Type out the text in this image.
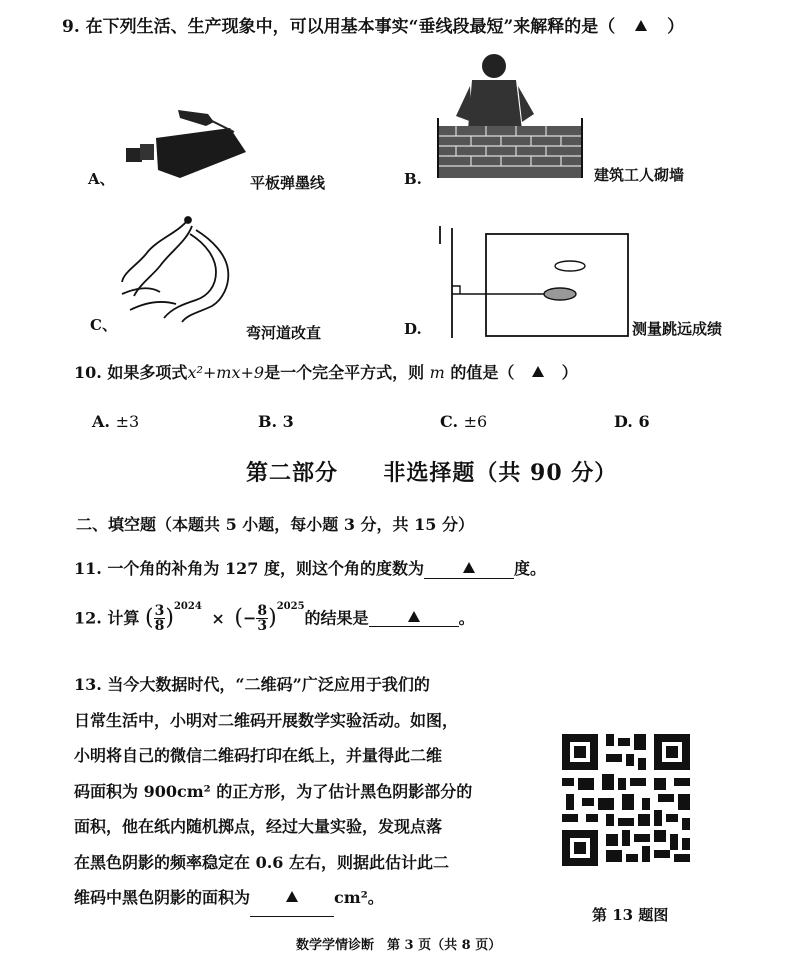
9. 在下列生活、生产现象中，可以用基本事实“垂线段最短”来解释的是（	）
A、	平板弹墨线	B.	建筑工人砌墙
C、	弯河道改直	D.	测量跳远成绩
10. 如果多项式x²+mx+9是一个完全平方式，则 m 的值是（	）
A. ±3	B. 3	C. ±6	D. 6
第二部分 非选择题（共 90 分）
二、填空题（本题共 5 小题，每小题 3 分，共 15 分）
11. 一个角的补角为 127 度，则这个角的度数为	度。
12. 计算 ( $\frac{3}{8} )^{2024}$ × (− $\frac{8}{3} )^{2025}$的结果是	。
13. 当今大数据时代，“二维码”广泛应用于我们的
日常生活中，小明对二维码开展数学实验活动。如图，
小明将自己的微信二维码打印在纸上，并量得此二维
码面积为 900cm² 的正方形，为了估计黑色阴影部分的
面积，他在纸内随机掷点，经过大量实验，发现点落
在黑色阴影的频率稳定在 0.6 左右，则据此估计此二
维码中黑色阴影的面积为	cm²。
第 13 题图
数学学情诊断　第 3 页（共 8 页）
